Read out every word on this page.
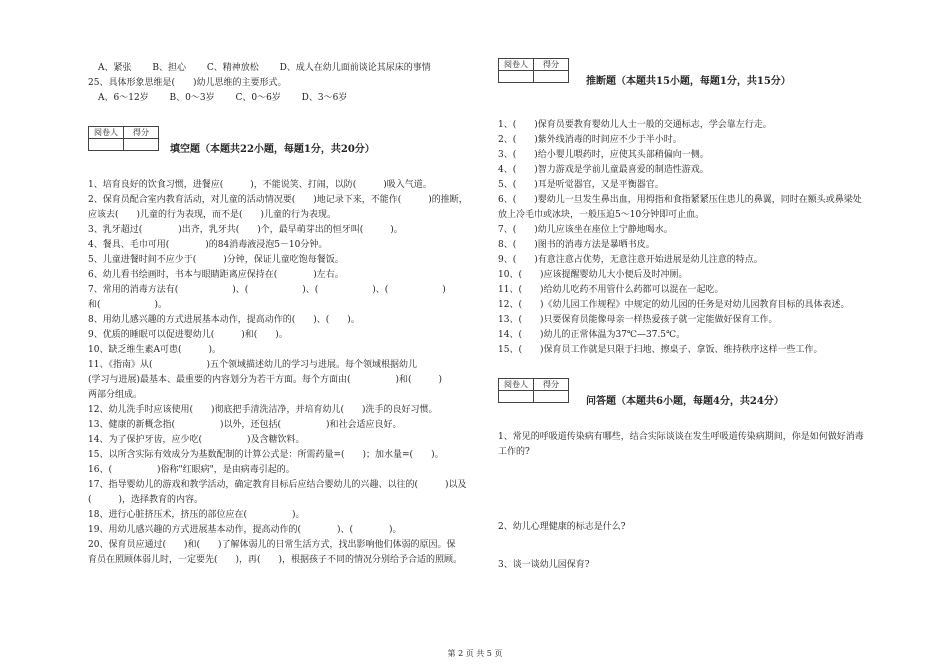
A、紧张　　 B、担心　　 C、精神放松　　 D、成人在幼儿面前谈论其尿床的事情
25、具体形象思维是(　　)幼儿思维的主要形式。
A、6～12岁　　 B、0～3岁　　 C、0～6岁　　 D、3～6岁
阅卷人	得分

填空题（本题共22小题，每题1分，共20分）
1、培育良好的饮食习惯，进餐应(　　　)，不能说笑、打闹，以防(　　　)吸入气道。
2、保育员配合室内教育活动，对儿童的活动情况要(　　)地记录下来，不能作(　　　)的推断，
应该去(　　)儿童的行为表现，而不是(　　)儿童的行为表现。
3、乳牙超过(　　　　)出齐，乳牙共(　　)个，最早萌芽出的恒牙叫(　　　)。
4、餐具、毛巾可用(　　　　)的84消毒液浸泡5－10分钟。
5、儿童进餐时间不应少于(　　　)分钟，保证儿童吃饱每餐饭。
6、幼儿看书绘画时，书本与眼睛距离应保持在(　　　　)左右。
7、常用的消毒方法有(　　　　　　)、(　　　　　　)、(　　　　　　)、(　　　　　　)
和(　　　　　　)。
8、用幼儿感兴趣的方式进展基本动作，提高动作的(　　)、(　　)。
9、优质的睡眠可以促进婴幼儿(　　　)和(　　)。
10、缺乏维生素A可患(　　　)。
11、《指南》从(　　　　　　)五个领域描述幼儿的学习与进展。每个领域根据幼儿
(学习与进展)最基本、最重要的内容划分为若干方面。每个方面由(　　　　　)和(　　　)
两部分组成。
12、幼儿洗手时应该使用(　　)彻底把手清洗洁净，并培育幼儿(　　)洗手的良好习惯。
13、健康的新概念指(　　　　　)以外，还包括(　　　　　)和社会适应良好。
14、为了保护牙齿，应少吃(　　　　　)及含糖饮料。
15、以所含实际有效成分为基数配制的计算公式是：所需药量=(　　)；加水量=(　　)。
16、(　　　　　)俗称"红眼病"，是由病毒引起的。
17、指导婴幼儿的游戏和教学活动，确定教育目标后应结合婴幼儿的兴趣、以往的(　　　)以及
(　　　)，选择教育的内容。
18、进行心脏挤压术，挤压的部位应在(　　　　　)。
19、用幼儿感兴趣的方式进展基本动作，提高动作的(　　　　)、(　　　　)。
20、保育员应通过(　　)和(　　)了解体弱儿的日常生活方式，找出影响他们体弱的原因。保
育员在照顾体弱儿时，一定要先(　　)，再(　　)，根据孩子不同的情况分别给予合适的照顾。
阅卷人	得分

推断题（本题共15小题，每题1分，共15分）
1、(　　)保育员要教育婴幼儿人士一般的交通标志，学会靠左行走。
2、(　　)紫外线消毒的时间应不少于半小时。
3、(　　)给小婴儿喂药时，应使其头部稍偏向一侧。
4、(　　)智力游戏是学前儿童最喜爱的制造性游戏。
5、(　　)耳是听觉器官，又是平衡器官。
6、(　　)婴幼儿一旦发生鼻出血，用拇指和食指紧紧压住患儿的鼻翼，同时在额头或鼻梁处
放上冷毛巾或冰块，一般压迫5～10分钟即可止血。
7、(　　)幼儿应该坐在座位上宁静地喝水。
8、(　　)图书的消毒方法是暴晒书皮。
9、(　　)有意注意占优势，无意注意开始进展是幼儿注意的特点。
10、(　　)应该提醒婴幼儿大小便后及时冲厕。
11、(　　)给幼儿吃药不用管什么药都可以混在一起吃。
12、(　　)《幼儿园工作规程》中规定的幼儿园的任务是对幼儿园教育目标的具体表述。
13、(　　)只要保育员能像母亲一样热爱孩子就一定能做好保育工作。
14、(　　)幼儿的正常体温为37℃—37.5℃。
15、(　　)保育员工作就是只限于扫地、擦桌子、拿饭、维持秩序这样一些工作。
阅卷人	得分

问答题（本题共6小题，每题4分，共24分）
1、常见的呼吸道传染病有哪些，结合实际谈谈在发生呼吸道传染病期间，你是如何做好消毒
工作的?
2、幼儿心理健康的标志是什么?
3、谈一谈幼儿园保育?
第 2 页 共 5 页
